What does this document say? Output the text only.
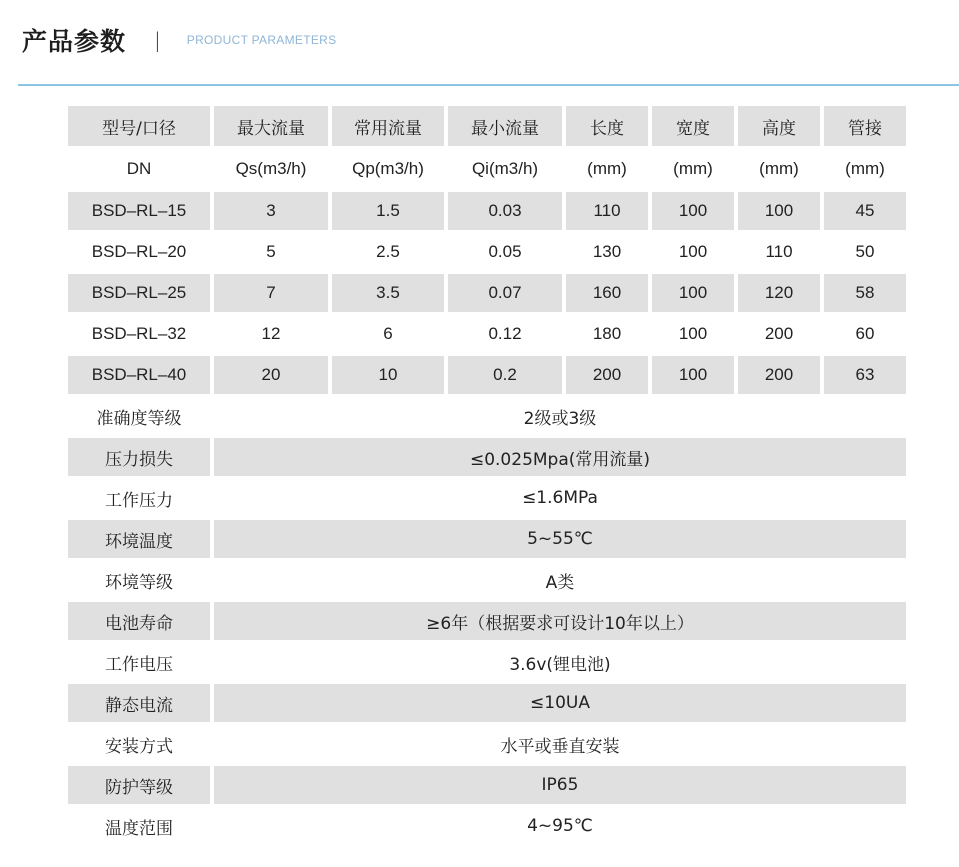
产品参数 | PRODUCT PARAMETERS
型号/口径	最大流量	常用流量	最小流量	长度	宽度	高度	管接
DN	Qs(m3/h)	Qp(m3/h)	Qi(m3/h)	(mm)	(mm)	(mm)	(mm)
BSD–RL–15	3	1.5	0.03	110	100	100	45
BSD–RL–20	5	2.5	0.05	130	100	110	50
BSD–RL–25	7	3.5	0.07	160	100	120	58
BSD–RL–32	12	6	0.12	180	100	200	60
BSD–RL–40	20	10	0.2	200	100	200	63
准确度等级	2级或3级						
压力损失	≤0.025Mpa(常用流量)						
工作压力	≤1.6MPa						
环境温度	5~55℃						
环境等级	A类						
电池寿命	≥6年（根据要求可设计10年以上）						
工作电压	3.6v(锂电池)						
静态电流	≤10UA						
安装方式	水平或垂直安装						
防护等级	IP65						
温度范围	4~95℃						
